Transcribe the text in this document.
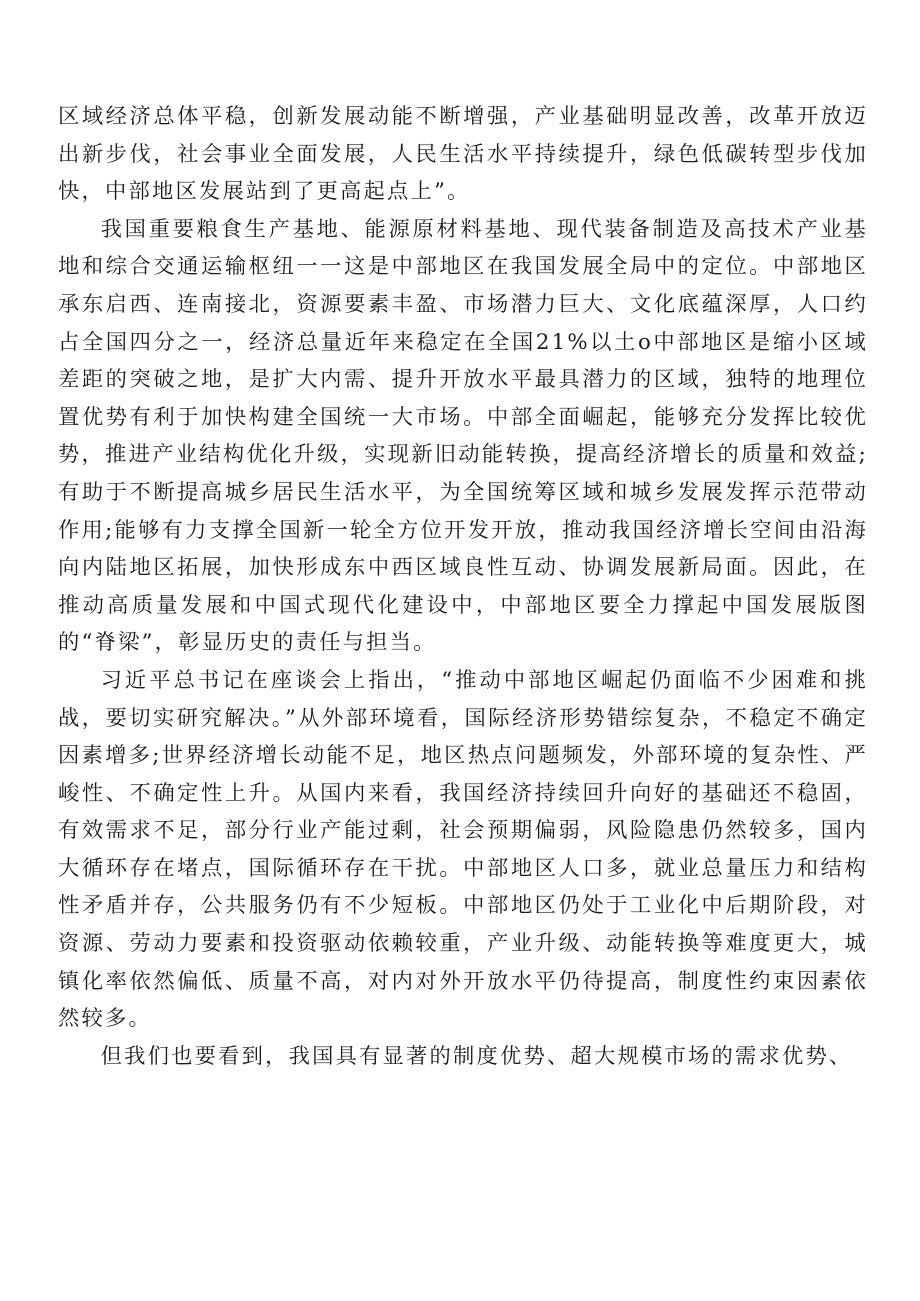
区域经济总体平稳，创新发展动能不断增强，产业基础明显改善，改革开放迈出新步伐，社会事业全面发展，人民生活水平持续提升，绿色低碳转型步伐加快，中部地区发展站到了更高起点上”。

我国重要粮食生产基地、能源原材料基地、现代装备制造及高技术产业基地和综合交通运输枢纽一一这是中部地区在我国发展全局中的定位。中部地区承东启西、连南接北，资源要素丰盈、市场潜力巨大、文化底蕴深厚，人口约占全国四分之一，经济总量近年来稳定在全国21%以土o中部地区是缩小区域差距的突破之地，是扩大内需、提升开放水平最具潜力的区域，独特的地理位置优势有利于加快构建全国统一大市场。中部全面崛起，能够充分发挥比较优势，推进产业结构优化升级，实现新旧动能转换，提高经济增长的质量和效益;有助于不断提高城乡居民生活水平，为全国统筹区域和城乡发展发挥示范带动作用;能够有力支撑全国新一轮全方位开发开放，推动我国经济增长空间由沿海向内陆地区拓展，加快形成东中西区域良性互动、协调发展新局面。因此，在推动高质量发展和中国式现代化建设中，中部地区要全力撑起中国发展版图的“脊梁”，彰显历史的责任与担当。

习近平总书记在座谈会上指出，“推动中部地区崛起仍面临不少困难和挑战，要切实研究解决。”从外部环境看，国际经济形势错综复杂，不稳定不确定因素增多;世界经济增长动能不足，地区热点问题频发，外部环境的复杂性、严峻性、不确定性上升。从国内来看，我国经济持续回升向好的基础还不稳固，有效需求不足，部分行业产能过剩，社会预期偏弱，风险隐患仍然较多，国内大循环存在堵点，国际循环存在干扰。中部地区人口多，就业总量压力和结构性矛盾并存，公共服务仍有不少短板。中部地区仍处于工业化中后期阶段，对资源、劳动力要素和投资驱动依赖较重，产业升级、动能转换等难度更大，城镇化率依然偏低、质量不高，对内对外开放水平仍待提高，制度性约束因素依然较多。

但我们也要看到，我国具有显著的制度优势、超大规模市场的需求优势、
